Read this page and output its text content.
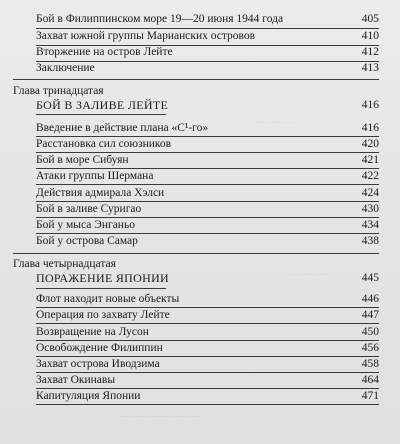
— — —
— — —
— — — — — —
Бой в Филиппинском море 19—20 июня 1944 года	405
Захват южной группы Марианских островов	410
Вторжение на остров Лейте	412
Заключение	413
Глава тринадцатая
БОЙ В ЗАЛИВЕ ЛЕЙТЕ	416
Введение в действие плана «С¹-го»	416
Расстановка сил союзников	420
Бой в море Сибуян	421
Атаки группы Шермана	422
Действия адмирала Хэлси	424
Бой в заливе Суригао	430
Бой у мыса Энганьо	434
Бой у острова Самар	438
Глава четырнадцатая
ПОРАЖЕНИЕ ЯПОНИИ	445
Флот находит новые объекты	446
Операция по захвату Лейте	447
Возвращение на Лусон	450
Освобождение Филиппин	456
Захват острова Иводзима	458
Захват Окинавы	464
Капитуляция Японии	471
